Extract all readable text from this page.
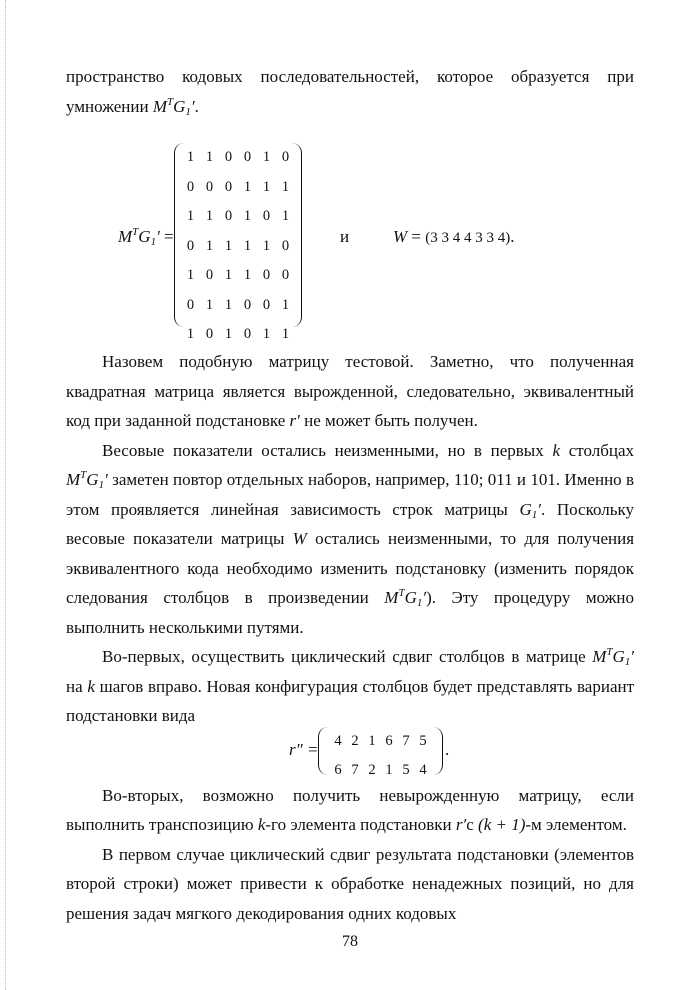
пространство кодовых последовательностей, которое образуется при умножении $M^TG_1'$.

$M^TG_1'$ =
1	1	0	0	1	0
0	0	0	1	1	1
1	1	0	1	0	1
0	1	1	1	1	0
1	0	1	1	0	0
0	1	1	0	0	1
1	0	1	0	1	1
и	W = (3 3 4 4 3 3 4).

Назовем подобную матрицу тестовой. Заметно, что полученная квадратная матрица является вырожденной, следовательно, эквивалентный код при заданной подстановке r′ не может быть получен.

Весовые показатели остались неизменными, но в первых k столбцах $M^TG_1'$ заметен повтор отдельных наборов, например, 110; 011 и 101. Именно в этом проявляется линейная зависимость строк матрицы $G_1'$. Поскольку весовые показатели матрицы W остались неизменными, то для получения эквивалентного кода необходимо изменить подстановку (изменить порядок следования столбцов в произведении $M^TG_1'$). Эту процедуру можно выполнить несколькими путями.

Во-первых, осуществить циклический сдвиг столбцов в матрице $M^TG_1'$ на k шагов вправо. Новая конфигурация столбцов будет представлять вариант подстановки вида

r″ = 4	2	1	6	7	5
6	7	2	1	5	4
.

Во-вторых, возможно получить невырожденную матрицу, если выполнить транспозицию k-го элемента подстановки r′с (k + 1)-м элементом.

В первом случае циклический сдвиг результата подстановки (элементов второй строки) может привести к обработке ненадежных позиций, но для решения задач мягкого декодирования одних кодовых

78
